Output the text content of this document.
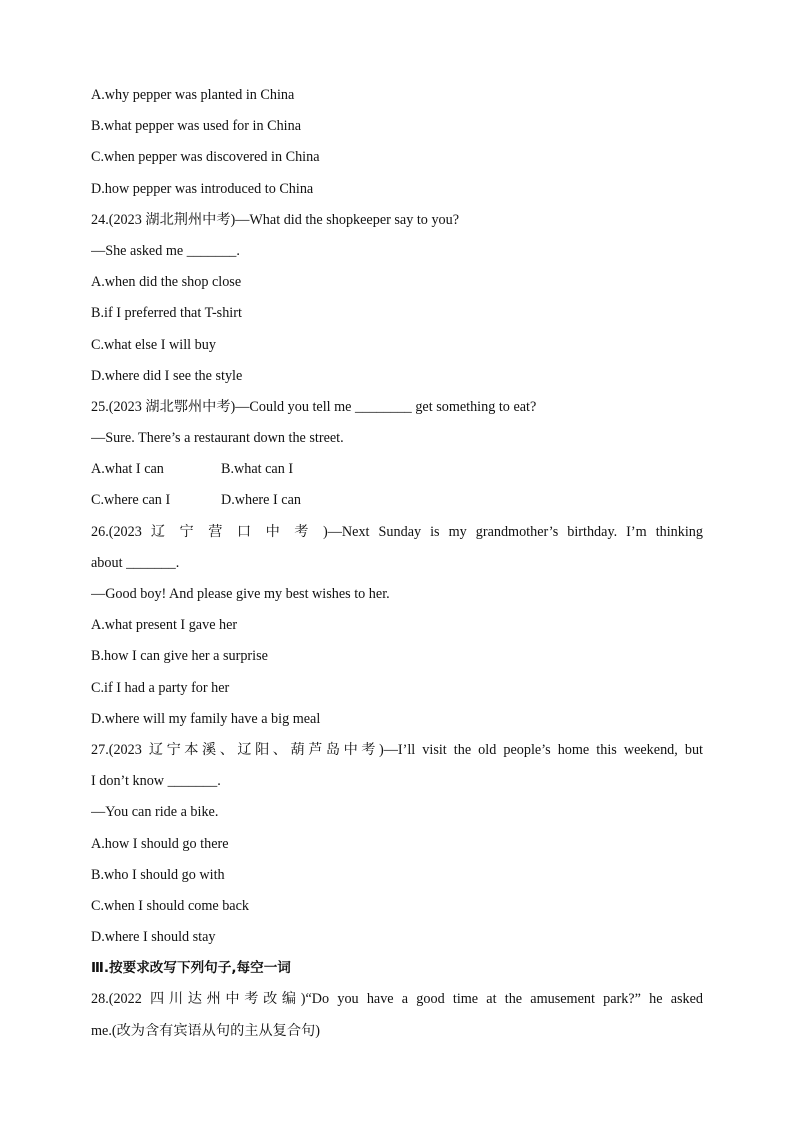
A.why pepper was planted in China
B.what pepper was used for in China
C.when pepper was discovered in China
D.how pepper was introduced to China
24.(2023 湖北荆州中考)—What did the shopkeeper say to you?
—She asked me _______.
A.when did the shop close
B.if I preferred that T-shirt
C.what else I will buy
D.where did I see the style
25.(2023 湖北鄂州中考)—Could you tell me ________ get something to eat?
—Sure. There’s a restaurant down the street.
A.what I can	B.what can I
C.where can I	D.where I can
26.(2023 辽 宁 营 口 中 考 )—Next Sunday is my grandmother’s birthday. I’m thinking
about _______.
—Good boy! And please give my best wishes to her.
A.what present I gave her
B.how I can give her a surprise
C.if I had a party for her
D.where will my family have a big meal
27.(2023 辽宁本溪、辽阳、葫芦岛中考)—I’ll visit the old people’s home this weekend, but
I don’t know _______.
—You can ride a bike.
A.how I should go there
B.who I should go with
C.when I should come back
D.where I should stay
Ⅲ.按要求改写下列句子,每空一词
28.(2022 四川达州中考改编)“Do you have a good time at the amusement park?” he asked
me.(改为含有宾语从句的主从复合句)
